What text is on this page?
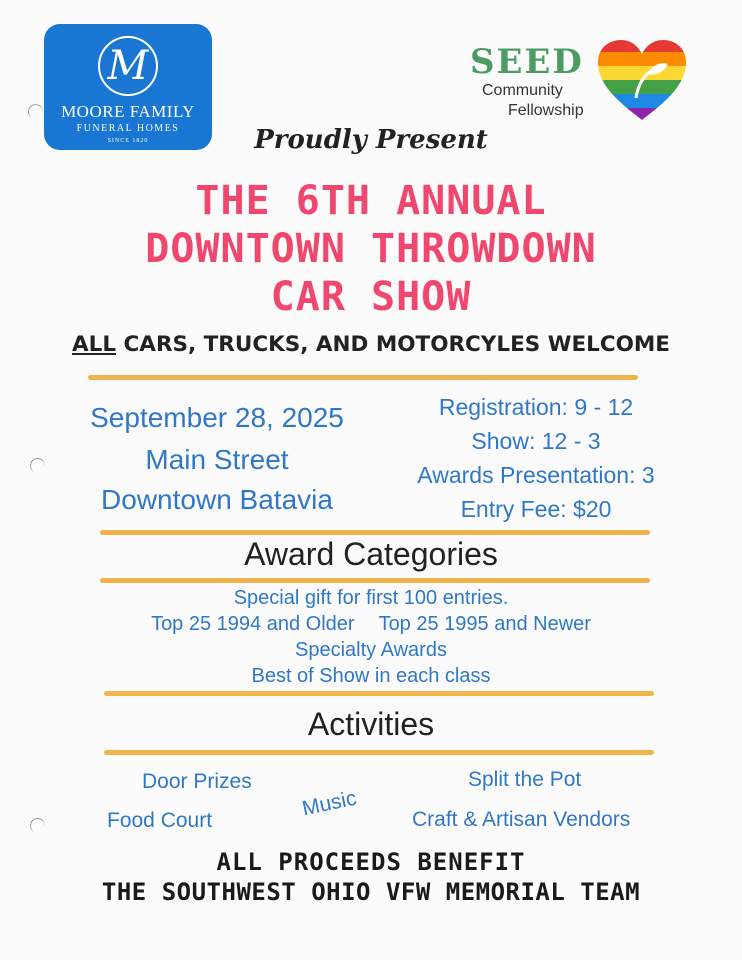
M
MOORE FAMILY
FUNERAL HOMES
SINCE 1820
SEED
Community
Fellowship
Proudly Present
THE 6TH ANNUAL
DOWNTOWN THROWDOWN
CAR SHOW
ALL CARS, TRUCKS, AND MOTORCYLES WELCOME
September 28, 2025
Main Street
Downtown Batavia
Registration: 9 - 12
Show: 12 - 3
Awards Presentation: 3
Entry Fee: $20
Award Categories
Special gift for first 100 entries.
Top 25 1994 and Older Top 25 1995 and Newer
Specialty Awards
Best of Show in each class
Activities
Door Prizes
Food Court
Music
Split the Pot
Craft & Artisan Vendors
ALL PROCEEDS BENEFIT
THE SOUTHWEST OHIO VFW MEMORIAL TEAM
